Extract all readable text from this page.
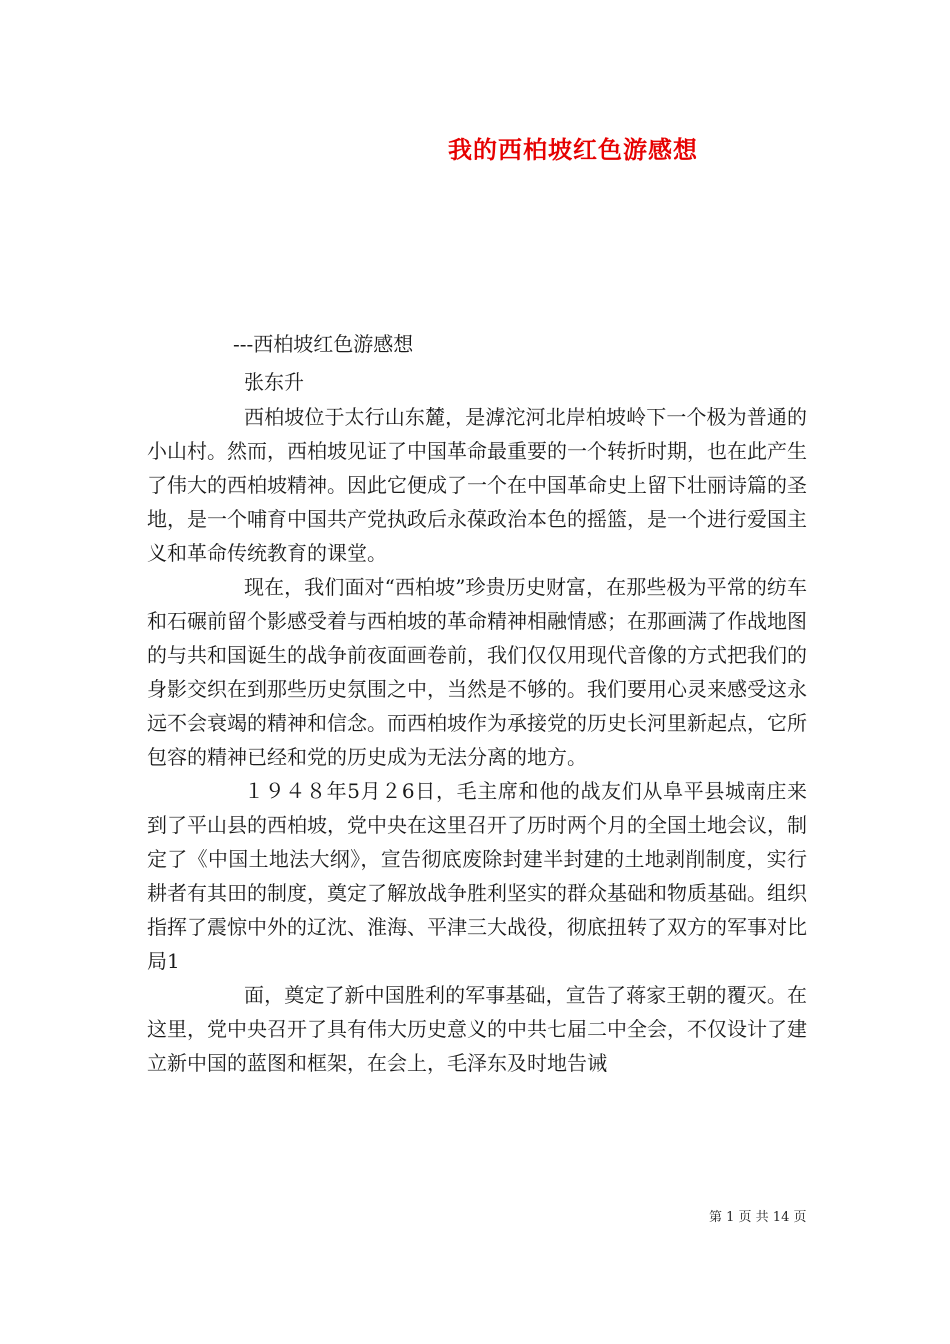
我的西柏坡红色游感想
---西柏坡红色游感想
张东升

西柏坡位于太行山东麓，是滹沱河北岸柏坡岭下一个极为普通的小山村。然而，西柏坡见证了中国革命最重要的一个转折时期，也在此产生了伟大的西柏坡精神。因此它便成了一个在中国革命史上留下壮丽诗篇的圣地，是一个哺育中国共产党执政后永葆政治本色的摇篮，是一个进行爱国主义和革命传统教育的课堂。

现在，我们面对“西柏坡”珍贵历史财富，在那些极为平常的纺车和石碾前留个影感受着与西柏坡的革命精神相融情感；在那画满了作战地图的与共和国诞生的战争前夜面画卷前，我们仅仅用现代音像的方式把我们的身影交织在到那些历史氛围之中，当然是不够的。我们要用心灵来感受这永远不会衰竭的精神和信念。而西柏坡作为承接党的历史长河里新起点，它所包容的精神已经和党的历史成为无法分离的地方。

１９４８年5月２6日，毛主席和他的战友们从阜平县城南庄来到了平山县的西柏坡，党中央在这里召开了历时两个月的全国土地会议，制定了《中国土地法大纲》，宣告彻底废除封建半封建的土地剥削制度，实行耕者有其田的制度，奠定了解放战争胜利坚实的群众基础和物质基础。组织指挥了震惊中外的辽沈、淮海、平津三大战役，彻底扭转了双方的军事对比局1

面，奠定了新中国胜利的军事基础，宣告了蒋家王朝的覆灭。在这里，党中央召开了具有伟大历史意义的中共七届二中全会，不仅设计了建立新中国的蓝图和框架，在会上，毛泽东及时地告诫

第 1 页 共 14 页
